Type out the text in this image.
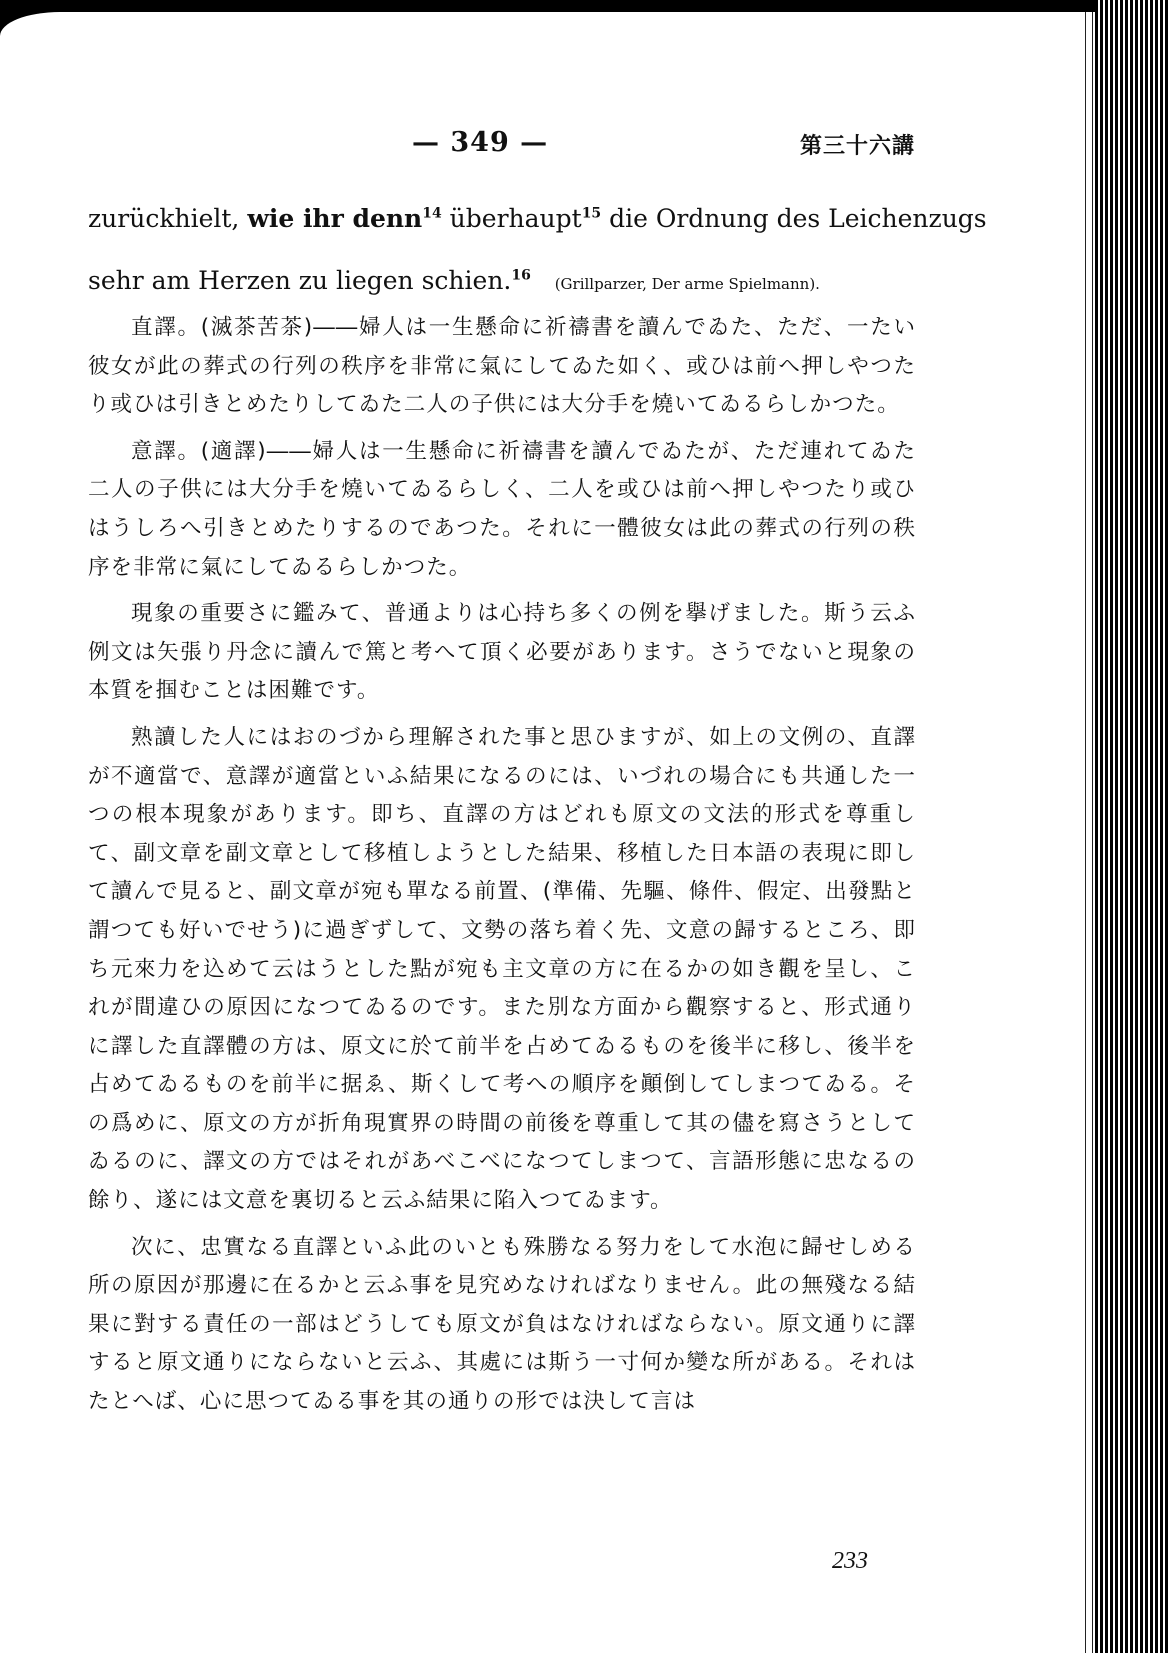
— 349 —	第三十六講
zurückhielt, wie ihr denn$^{14}$ überhaupt$^{15}$ die Ordnung des Leichenzugs
sehr am Herzen zu liegen schien.$^{16}$ (Grillparzer, Der arme Spielmann).

直譯。(滅茶苦茶)――婦人は一生懸命に祈禱書を讀んでゐた、ただ、一たい彼女が此の葬式の行列の秩序を非常に氣にしてゐた如く、或ひは前へ押しやつたり或ひは引きとめたりしてゐた二人の子供には大分手を燒いてゐるらしかつた。

意譯。(適譯)――婦人は一生懸命に祈禱書を讀んでゐたが、ただ連れてゐた二人の子供には大分手を燒いてゐるらしく、二人を或ひは前へ押しやつたり或ひはうしろへ引きとめたりするのであつた。それに一體彼女は此の葬式の行列の秩序を非常に氣にしてゐるらしかつた。

現象の重要さに鑑みて、普通よりは心持ち多くの例を擧げました。斯う云ふ例文は矢張り丹念に讀んで篤と考へて頂く必要があります。さうでないと現象の本質を掴むことは困難です。

熟讀した人にはおのづから理解された事と思ひますが、如上の文例の、直譯が不適當で、意譯が適當といふ結果になるのには、いづれの場合にも共通した一つの根本現象があります。即ち、直譯の方はどれも原文の文法的形式を尊重して、副文章を副文章として移植しようとした結果、移植した日本語の表現に即して讀んで見ると、副文章が宛も單なる前置、(準備、先驅、條件、假定、出發點と謂つても好いでせう)に過ぎずして、文勢の落ち着く先、文意の歸するところ、即ち元來力を込めて云はうとした點が宛も主文章の方に在るかの如き觀を呈し、これが間違ひの原因になつてゐるのです。また別な方面から觀察すると、形式通りに譯した直譯體の方は、原文に於て前半を占めてゐるものを後半に移し、後半を占めてゐるものを前半に据ゑ、斯くして考への順序を顚倒してしまつてゐる。その爲めに、原文の方が折角現實界の時間の前後を尊重して其の儘を寫さうとしてゐるのに、譯文の方ではそれがあべこべになつてしまつて、言語形態に忠なるの餘り、遂には文意を裏切ると云ふ結果に陷入つてゐます。

次に、忠實なる直譯といふ此のいとも殊勝なる努力をして水泡に歸せしめる所の原因が那邊に在るかと云ふ事を見究めなければなりません。此の無殘なる結果に對する責任の一部はどうしても原文が負はなければならない。原文通りに譯すると原文通りにならないと云ふ、其處には斯う一寸何か變な所がある。それはたとへば、心に思つてゐる事を其の通りの形では決して言は

233
